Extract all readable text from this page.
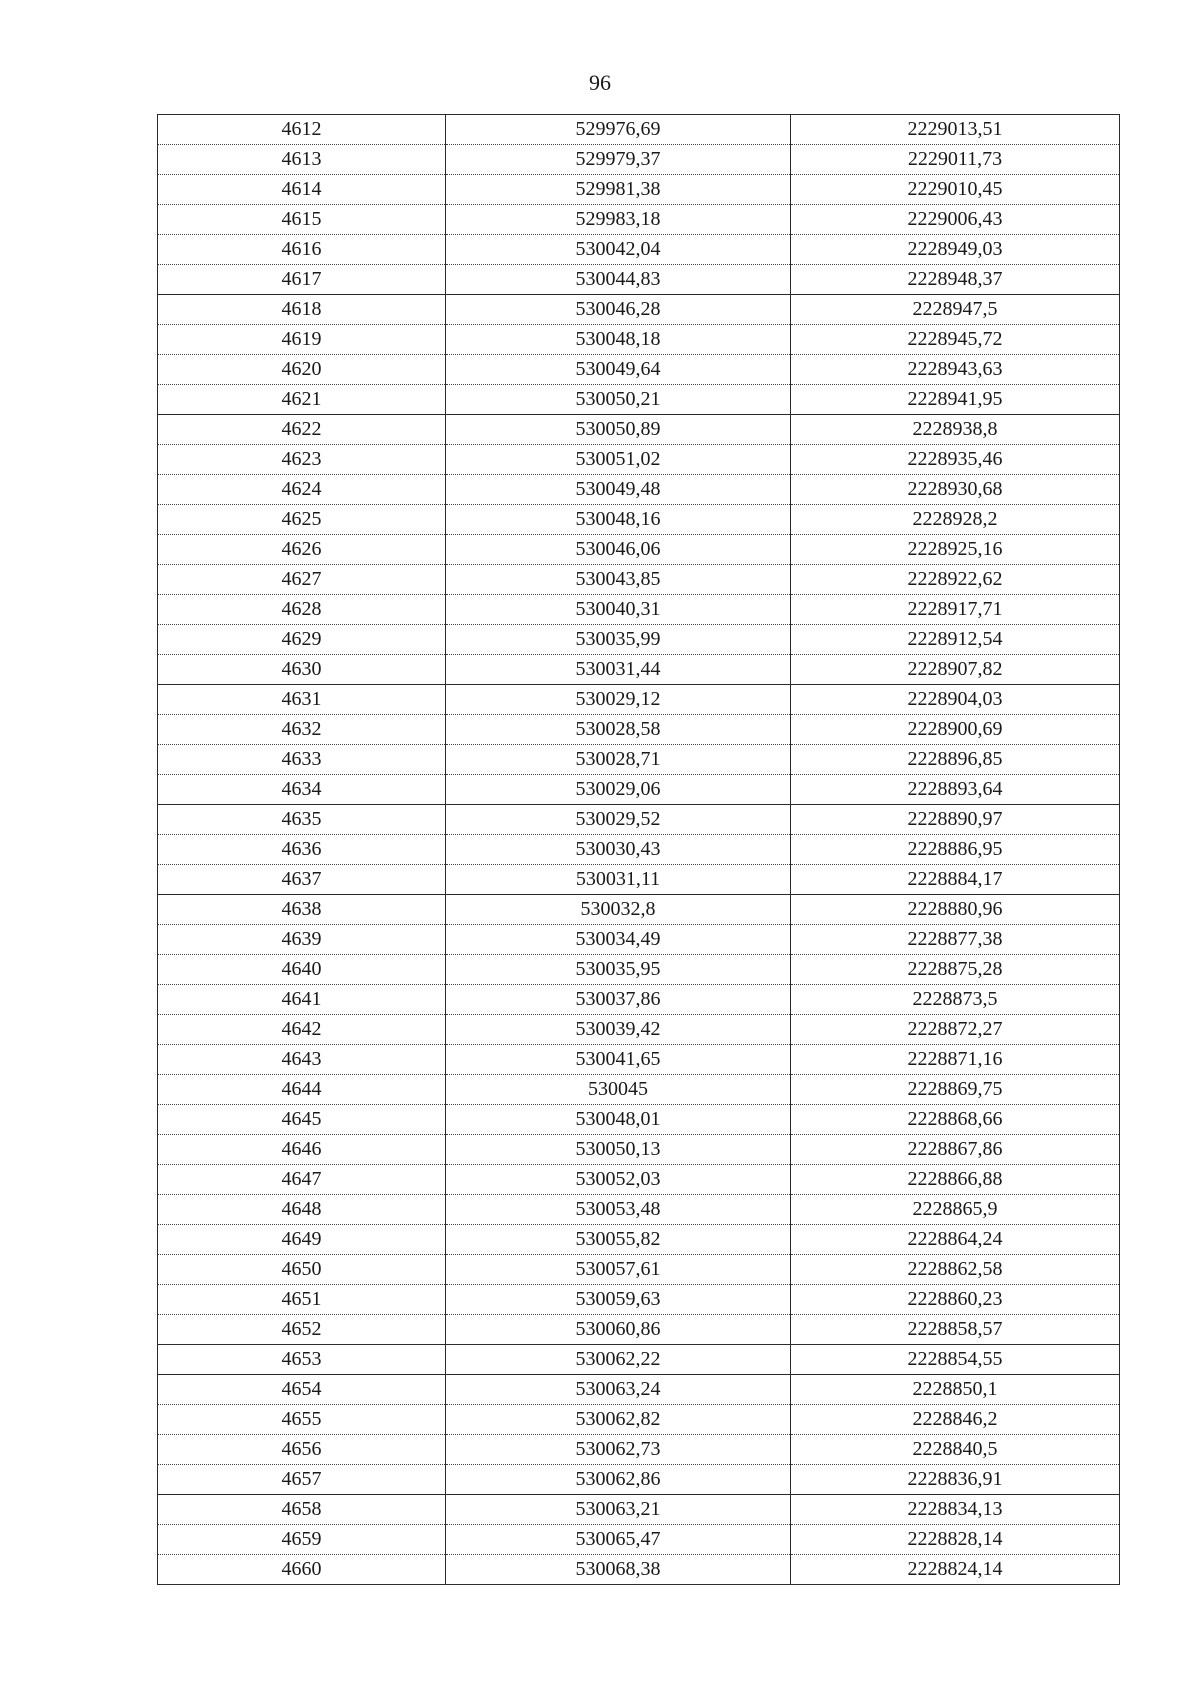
96
4612	529976,69	2229013,51
4613	529979,37	2229011,73
4614	529981,38	2229010,45
4615	529983,18	2229006,43
4616	530042,04	2228949,03
4617	530044,83	2228948,37
4618	530046,28	2228947,5
4619	530048,18	2228945,72
4620	530049,64	2228943,63
4621	530050,21	2228941,95
4622	530050,89	2228938,8
4623	530051,02	2228935,46
4624	530049,48	2228930,68
4625	530048,16	2228928,2
4626	530046,06	2228925,16
4627	530043,85	2228922,62
4628	530040,31	2228917,71
4629	530035,99	2228912,54
4630	530031,44	2228907,82
4631	530029,12	2228904,03
4632	530028,58	2228900,69
4633	530028,71	2228896,85
4634	530029,06	2228893,64
4635	530029,52	2228890,97
4636	530030,43	2228886,95
4637	530031,11	2228884,17
4638	530032,8	2228880,96
4639	530034,49	2228877,38
4640	530035,95	2228875,28
4641	530037,86	2228873,5
4642	530039,42	2228872,27
4643	530041,65	2228871,16
4644	530045	2228869,75
4645	530048,01	2228868,66
4646	530050,13	2228867,86
4647	530052,03	2228866,88
4648	530053,48	2228865,9
4649	530055,82	2228864,24
4650	530057,61	2228862,58
4651	530059,63	2228860,23
4652	530060,86	2228858,57
4653	530062,22	2228854,55
4654	530063,24	2228850,1
4655	530062,82	2228846,2
4656	530062,73	2228840,5
4657	530062,86	2228836,91
4658	530063,21	2228834,13
4659	530065,47	2228828,14
4660	530068,38	2228824,14
